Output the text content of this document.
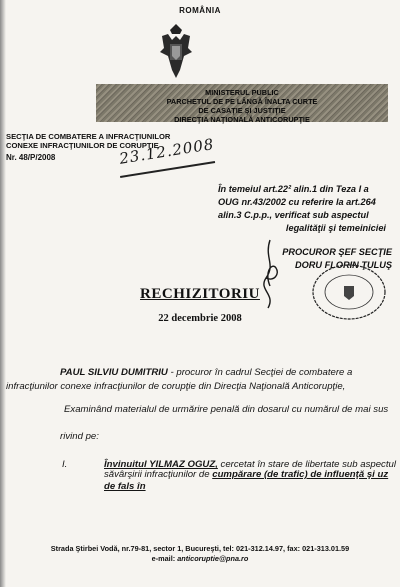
ROMÂNIA
MINISTERUL PUBLIC
PARCHETUL DE PE LÂNGĂ ÎNALTA CURTE
DE CASAŢIE ŞI JUSTIŢIE
DIRECŢIA NAŢIONALĂ ANTICORUPŢIE
SECŢIA DE COMBATERE A INFRACŢIUNILOR
CONEXE INFRACŢIUNILOR DE CORUPŢIE
Nr. 48/P/2008	23.12.2008
În temeiul art.22² alin.1 din Teza I a
OUG nr.43/2002 cu referire la art.264
alin.3 C.p.p., verificat sub aspectul
legalităţii şi temeiniciei
PROCUROR ŞEF SECŢIE
DORU FLORIN ŢULUŞ
RECHIZITORIU
22 decembrie 2008
PAUL SILVIU DUMITRIU - procuror în cadrul Secţiei de combatere a
infracţiunilor conexe infracţiunilor de corupţie din Direcţia Naţională Anticorupţie,
Examinând materialul de urmărire penală din dosarul cu numărul de mai sus
rivind pe:
I.	Învinuitul YILMAZ OGUZ, cercetat în stare de libertate sub aspectul
săvârşirii infracţiunilor de cumpărare (de trafic) de influenţă şi uz de fals în
Strada Ştirbei Vodă, nr.79-81, sector 1, Bucureşti, tel: 021-312.14.97, fax: 021-313.01.59
e-mail: anticoruptie@pna.ro
